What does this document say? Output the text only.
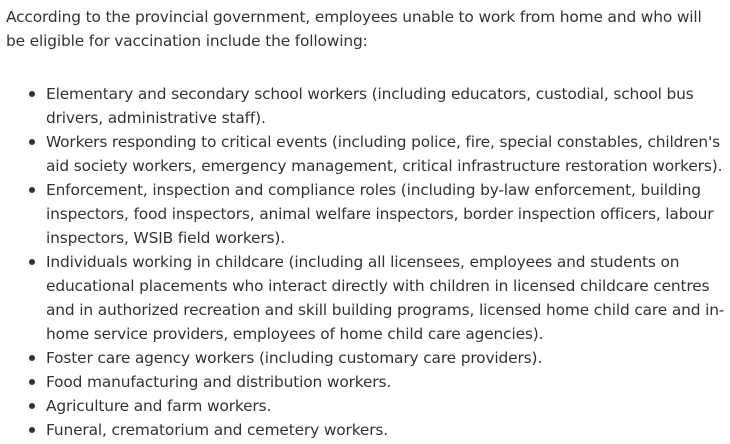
According to the provincial government, employees unable to work from home and who will be eligible for vaccination include the following:

Elementary and secondary school workers (including educators, custodial, school bus drivers, administrative staff).
Workers responding to critical events (including police, fire, special constables, children's aid society workers, emergency management, critical infrastructure restoration workers).
Enforcement, inspection and compliance roles (including by-law enforcement, building inspectors, food inspectors, animal welfare inspectors, border inspection officers, labour inspectors, WSIB field workers).
Individuals working in childcare (including all licensees, employees and students on educational placements who interact directly with children in licensed childcare centres and in authorized recreation and skill building programs, licensed home child care and in-home service providers, employees of home child care agencies).
Foster care agency workers (including customary care providers).
Food manufacturing and distribution workers.
Agriculture and farm workers.
Funeral, crematorium and cemetery workers.
